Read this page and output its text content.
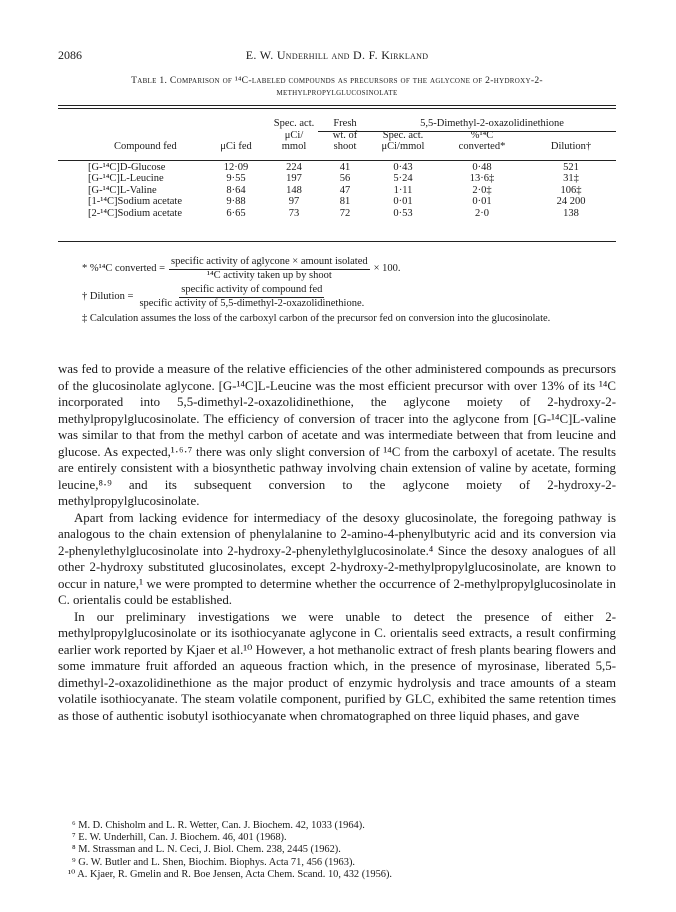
2086	E. W. Underhill and D. F. Kirkland
Table 1. Comparison of ¹⁴C-labeled compounds as precursors of the aglycone of 2-hydroxy-2-
methylpropylglucosinolate
		Spec. act.	Fresh	5,5-Dimethyl-2-oxazolidinethione		
		μCi/	wt. of	Spec. act.	%¹⁴C	
Compound fed	μCi fed	mmol	shoot	μCi/mmol	converted*	Dilution†

[G-¹⁴C]D-Glucose	12·09	224	41	0·43	0·48	521
[G-¹⁴C]L-Leucine	9·55	197	56	5·24	13·6‡	31‡
[G-¹⁴C]L-Valine	8·64	148	47	1·11	2·0‡	106‡
[1-¹⁴C]Sodium acetate	9·88	97	81	0·01	0·01	24 200
[2-¹⁴C]Sodium acetate	6·65	73	72	0·53	2·0	138
* %¹⁴C converted = $\frac{\text{specific activity of aglycone × amount isolated}}{\text{¹⁴C activity taken up by shoot}} \times 100$.
† Dilution = $\frac{\text{specific activity of compound fed}}{\text{specific activity of 5,5-dimethyl-2-oxazolidinethione.}}$
‡ Calculation assumes the loss of the carboxyl carbon of the precursor fed on conversion into the glucosinolate.

was fed to provide a measure of the relative efficiencies of the other administered compounds as precursors of the glucosinolate aglycone. [G-¹⁴C]L-Leucine was the most efficient precursor with over 13% of its ¹⁴C incorporated into 5,5-dimethyl-2-oxazolidinethione, the aglycone moiety of 2-hydroxy-2-methylpropylglucosinolate. The efficiency of conversion of tracer into the aglycone from [G-¹⁴C]L-valine was similar to that from the methyl carbon of acetate and was intermediate between that from leucine and glucose. As expected,¹·⁶·⁷ there was only slight conversion of ¹⁴C from the carboxyl of acetate. The results are entirely consistent with a biosynthetic pathway involving chain extension of valine by acetate, forming leucine,⁸·⁹ and its subsequent conversion to the aglycone moiety of 2-hydroxy-2-methylpropylglucosinolate.

Apart from lacking evidence for intermediacy of the desoxy glucosinolate, the foregoing pathway is analogous to the chain extension of phenylalanine to 2-amino-4-phenylbutyric acid and its conversion via 2-phenylethylglucosinolate into 2-hydroxy-2-phenylethylglucosinolate.⁴ Since the desoxy analogues of all other 2-hydroxy substituted glucosinolates, except 2-hydroxy-2-methylpropylglucosinolate, are known to occur in nature,¹ we were prompted to determine whether the occurrence of 2-methylpropylglucosinolate in C. orientalis could be established.

In our preliminary investigations we were unable to detect the presence of either 2-methylpropylglucosinolate or its isothiocyanate aglycone in C. orientalis seed extracts, a result confirming earlier work reported by Kjaer et al.¹⁰ However, a hot methanolic extract of fresh plants bearing flowers and some immature fruit afforded an aqueous fraction which, in the presence of myrosinase, liberated 5,5-dimethyl-2-oxazolidinethione as the major product of enzymic hydrolysis and trace amounts of a steam volatile isothiocyanate. The steam volatile component, purified by GLC, exhibited the same retention times as those of authentic isobutyl isothiocyanate when chromatographed on three liquid phases, and gave

⁶ M. D. Chisholm and L. R. Wetter, Can. J. Biochem. 42, 1033 (1964).
⁷ E. W. Underhill, Can. J. Biochem. 46, 401 (1968).
⁸ M. Strassman and L. N. Ceci, J. Biol. Chem. 238, 2445 (1962).
⁹ G. W. Butler and L. Shen, Biochim. Biophys. Acta 71, 456 (1963).
¹⁰ A. Kjaer, R. Gmelin and R. Boe Jensen, Acta Chem. Scand. 10, 432 (1956).
